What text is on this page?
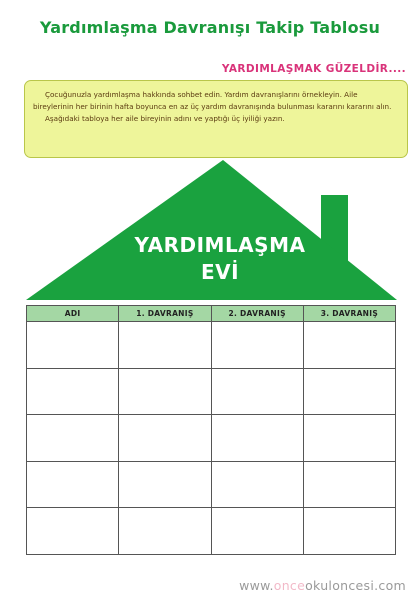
Yardımlaşma Davranışı Takip Tablosu
YARDIMLAŞMAK GÜZELDİR....

Çocuğunuzla yardımlaşma hakkında sohbet edin. Yardım davranışlarını örnekleyin. Aile bireylerinin her birinin hafta boyunca en az üç yardım davranışında bulunması kararını kararını alın.

Aşağıdaki tabloya her aile bireyinin adını ve yaptığı üç iyiliği yazın.

YARDIMLAŞMA
EVİ
ADI	1. DAVRANIŞ	2. DAVRANIŞ	3. DAVRANIŞ

www.onceokuloncesi.com
